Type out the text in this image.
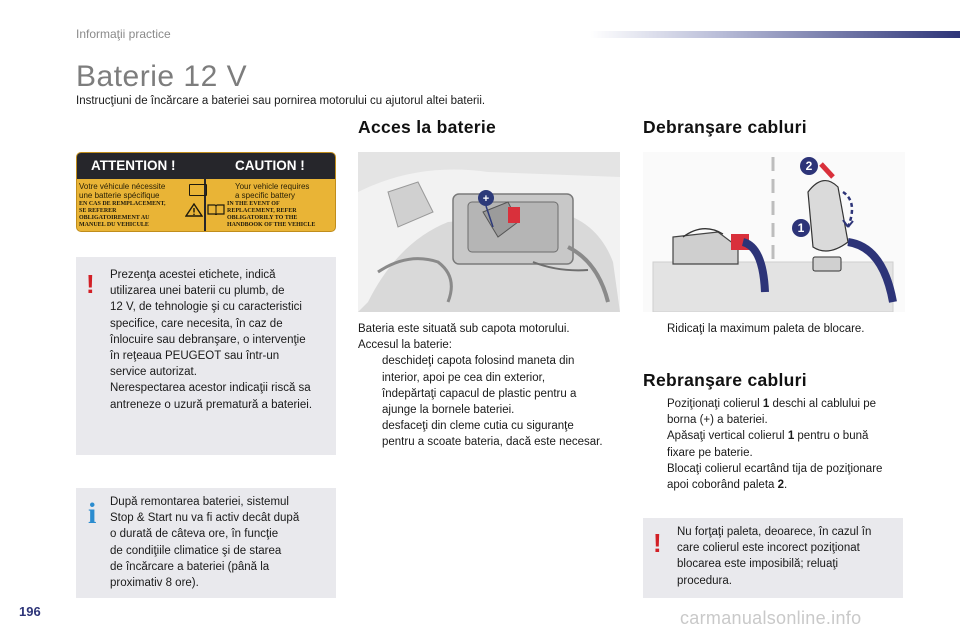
Informaţii practice
Baterie 12 V
Instrucţiuni de încărcare a bateriei sau pornirea motorului cu ajutorul altei baterii.
ATTENTION !	CAUTION !
Votre véhicule nécessite
une batterie spécifique
Your vehicle requires
a specific battery
EN CAS DE REMPLACEMENT,
SE REFERER
OBLIGATOIREMENT AU
MANUEL DU VEHICULE
IN THE EVENT OF
REPLACEMENT, REFER
OBLIGATORILY TO THE
HANDBOOK OF THE VEHICLE
! Prezenţa acestei etichete, indică
utilizarea unei baterii cu plumb, de
12 V, de tehnologie şi cu caracteristici
specifice, care necesita, în caz de
înlocuire sau debranşare, o intervenţie
în reţeaua PEUGEOT sau într-un
service autorizat.
Nerespectarea acestor indicaţii riscă sa
antreneze o uzură prematură a bateriei.
i După remontarea bateriei, sistemul
Stop & Start nu va fi activ decât după
o durată de câteva ore, în funcţie
de condiţiile climatice şi de starea
de încărcare a bateriei (până la
proximativ 8 ore).
Acces la baterie
+
Bateria este situată sub capota motorului.
Accesul la baterie:
deschideţi capota folosind maneta din
interior, apoi pe cea din exterior,
îndepărtaţi capacul de plastic pentru a
ajunge la bornele bateriei.
desfaceţi din cleme cutia cu siguranţe
pentru a scoate bateria, dacă este necesar.
Debranşare cabluri
2
1
Ridicaţi la maximum paleta de blocare.
Rebranşare cabluri
Poziţionaţi colierul 1 deschi al cablului pe
borna (+) a bateriei.
Apăsaţi vertical colierul 1 pentru o bună
fixare pe baterie.
Blocaţi colierul ecartând tija de poziţionare
apoi coborând paleta 2.
! Nu forţaţi paleta, deoarece, în cazul în
care colierul este incorect poziţionat
blocarea este imposibilă; reluaţi
procedura.
196	carmanualsonline.info
